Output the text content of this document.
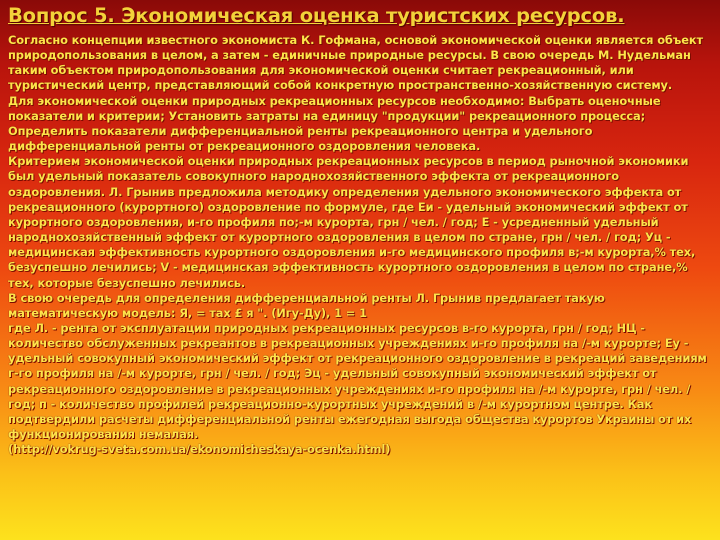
Вопрос 5. Экономическая оценка туристских ресурсов.

Согласно концепции известного экономиста К. Гофмана, основой экономической оценки является объект природопользования в целом, а затем - единичные природные ресурсы. В свою очередь М. Нудельман таким объектом природопользования для экономической оценки считает рекреационный, или туристический центр, представляющий собой конкретную пространственно-хозяйственную систему.

Для экономической оценки природных рекреационных ресурсов необходимо: Выбрать оценочные показатели и критерии; Установить затраты на единицу "продукции" рекреационного процесса; Определить показатели дифференциальной ренты рекреационного центра и удельного дифференциальной ренты от рекреационного оздоровления человека.

Критерием экономической оценки природных рекреационных ресурсов в период рыночной экономики был удельный показатель совокупного народнохозяйственного эффекта от рекреационного оздоровления. Л. Грынив предложила методику определения удельного экономического эффекта от рекреационного (курортного) оздоровление по формуле, где Еи - удельный экономический эффект от курортного оздоровления, и-го профиля по;-м курорта, грн / чел. / год; Е - усредненный удельный народнохозяйственный эффект от курортного оздоровления в целом по стране, грн / чел. / год; Уц - медицинская эффективность курортного оздоровления и-го медицинского профиля в;-м курорта,% тех, безуспешно лечились; V - медицинская эффективность курортного оздоровления в целом по стране,% тех, которые безуспешно лечились.

В свою очередь для определения дифференциальной ренты Л. Грынив предлагает такую математическую модель: Я, = тах £ я ". (Игу-Ду), 1 = 1

где Л. - рента от эксплуатации природных рекреационных ресурсов в-го курорта, грн / год; НЦ - количество обслуженных рекреантов в рекреационных учреждениях и-го профиля на /-м курорте; Еу - удельный совокупный экономический эффект от рекреационного оздоровление в рекреаций заведениям г-го профиля на /-м курорте, грн / чел. / год; Эц - удельный совокупный экономический эффект от рекреационного оздоровление в рекреационных учреждениях и-го профиля на /-м курорте, грн / чел. / год; п - количество профилей рекреационно-курортных учреждений в /-м курортном центре. Как подтвердили расчеты дифференциальной ренты ежегодная выгода общества курортов Украины от их функционирования немалая.

(http://vokrug-sveta.com.ua/ekonomicheskaya-ocenka.html)
